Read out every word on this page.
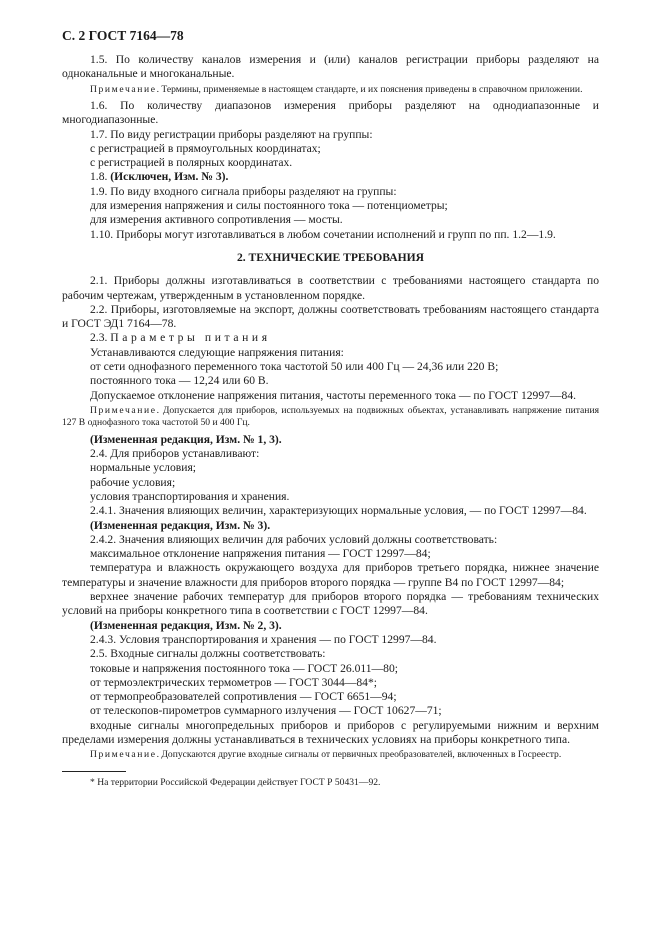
С. 2 ГОСТ 7164—78

1.5. По количеству каналов измерения и (или) каналов регистрации приборы разделяют на одноканальные и многоканальные.

Примечание. Термины, применяемые в настоящем стандарте, и их пояснения приведены в справочном приложении.

1.6. По количеству диапазонов измерения приборы разделяют на однодиапазонные и многодиапазонные.

1.7. По виду регистрации приборы разделяют на группы:

с регистрацией в прямоугольных координатах;

с регистрацией в полярных координатах.

1.8. (Исключен, Изм. № 3).

1.9. По виду входного сигнала приборы разделяют на группы:

для измерения напряжения и силы постоянного тока — потенциометры;

для измерения активного сопротивления — мосты.

1.10. Приборы могут изготавливаться в любом сочетании исполнений и групп по пп. 1.2—1.9.

2. ТЕХНИЧЕСКИЕ ТРЕБОВАНИЯ

2.1. Приборы должны изготавливаться в соответствии с требованиями настоящего стандарта по рабочим чертежам, утвержденным в установленном порядке.

2.2. Приборы, изготовляемые на экспорт, должны соответствовать требованиям настоящего стандарта и ГОСТ ЭД1 7164—78.

2.3. Параметры питания

Устанавливаются следующие напряжения питания:

от сети однофазного переменного тока частотой 50 или 400 Гц — 24,36 или 220 В;

постоянного тока — 12,24 или 60 В.

Допускаемое отклонение напряжения питания, частоты переменного тока — по ГОСТ 12997—84.

Примечание. Допускается для приборов, используемых на подвижных объектах, устанавливать напряжение питания 127 В однофазного тока частотой 50 и 400 Гц.

(Измененная редакция, Изм. № 1, 3).

2.4. Для приборов устанавливают:

нормальные условия;

рабочие условия;

условия транспортирования и хранения.

2.4.1. Значения влияющих величин, характеризующих нормальные условия, — по ГОСТ 12997—84.

(Измененная редакция, Изм. № 3).

2.4.2. Значения влияющих величин для рабочих условий должны соответствовать:

максимальное отклонение напряжения питания — ГОСТ 12997—84;

температура и влажность окружающего воздуха для приборов третьего порядка, нижнее значение температуры и значение влажности для приборов второго порядка — группе В4 по ГОСТ 12997—84;

верхнее значение рабочих температур для приборов второго порядка — требованиям технических условий на приборы конкретного типа в соответствии с ГОСТ 12997—84.

(Измененная редакция, Изм. № 2, 3).

2.4.3. Условия транспортирования и хранения — по ГОСТ 12997—84.

2.5. Входные сигналы должны соответствовать:

токовые и напряжения постоянного тока — ГОСТ 26.011—80;

от термоэлектрических термометров — ГОСТ 3044—84*;

от термопреобразователей сопротивления — ГОСТ 6651—94;

от телескопов-пирометров суммарного излучения — ГОСТ 10627—71;

входные сигналы многопредельных приборов и приборов с регулируемыми нижним и верхним пределами измерения должны устанавливаться в технических условиях на приборы конкретного типа.

Примечание. Допускаются другие входные сигналы от первичных преобразователей, включенных в Госреестр.

* На территории Российской Федерации действует ГОСТ Р 50431—92.
